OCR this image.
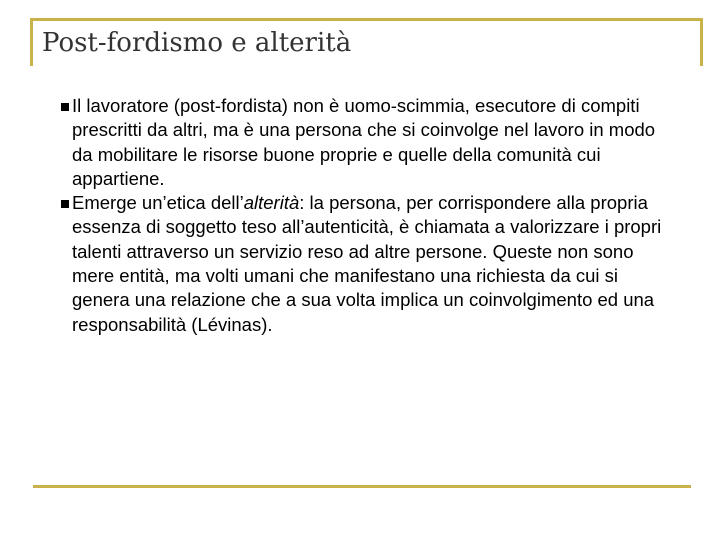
Post-fordismo e alterità
Il lavoratore (post-fordista) non è uomo-scimmia, esecutore di compiti prescritti da altri, ma è una persona che si coinvolge nel lavoro in modo da mobilitare le risorse buone proprie e quelle della comunità cui appartiene.
Emerge un’etica dell’alterità: la persona, per corrispondere alla propria essenza di soggetto teso all’autenticità, è chiamata a valorizzare i propri talenti attraverso un servizio reso ad altre persone. Queste non sono mere entità, ma volti umani che manifestano una richiesta da cui si genera una relazione che a sua volta implica un coinvolgimento ed una responsabilità (Lévinas).
